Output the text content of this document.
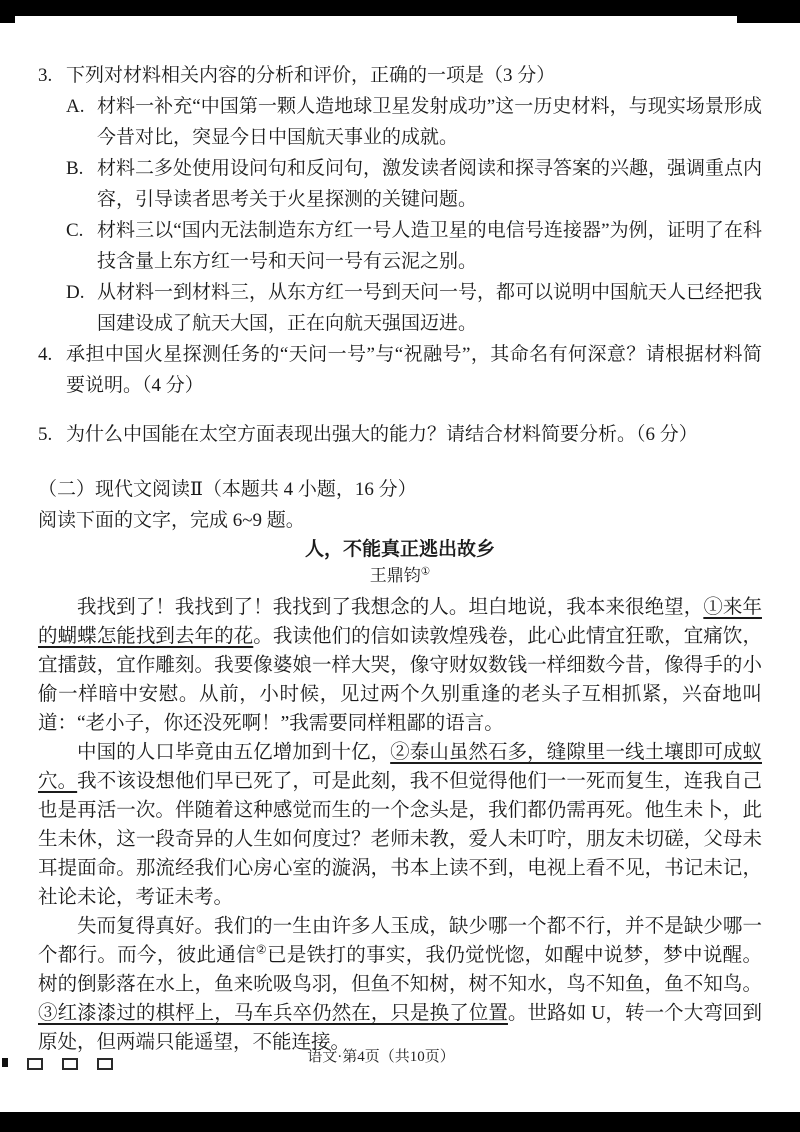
3. 下列对材料相关内容的分析和评价，正确的一项是（3 分）
A. 材料一补充“中国第一颗人造地球卫星发射成功”这一历史材料，与现实场景形成今昔对比，突显今日中国航天事业的成就。
B. 材料二多处使用设问句和反问句，激发读者阅读和探寻答案的兴趣，强调重点内容，引导读者思考关于火星探测的关键问题。
C. 材料三以“国内无法制造东方红一号人造卫星的电信号连接器”为例，证明了在科技含量上东方红一号和天问一号有云泥之别。
D. 从材料一到材料三，从东方红一号到天问一号，都可以说明中国航天人已经把我国建设成了航天大国，正在向航天强国迈进。
4. 承担中国火星探测任务的“天问一号”与“祝融号”，其命名有何深意？请根据材料简要说明。（4 分）
5. 为什么中国能在太空方面表现出强大的能力？请结合材料简要分析。（6 分）
（二）现代文阅读Ⅱ（本题共 4 小题，16 分）
阅读下面的文字，完成 6~9 题。
人，不能真正逃出故乡
王鼎钧①

我找到了！我找到了！我找到了我想念的人。坦白地说，我本来很绝望，①来年的蝴蝶怎能找到去年的花。我读他们的信如读敦煌残卷，此心此情宜狂歌，宜痛饮，宜擂鼓，宜作雕刻。我要像婆娘一样大哭，像守财奴数钱一样细数今昔，像得手的小偷一样暗中安慰。从前，小时候，见过两个久别重逢的老头子互相抓紧，兴奋地叫道：“老小子，你还没死啊！”我需要同样粗鄙的语言。

中国的人口毕竟由五亿增加到十亿，②泰山虽然石多，缝隙里一线土壤即可成蚁穴。我不该设想他们早已死了，可是此刻，我不但觉得他们一一死而复生，连我自己也是再活一次。伴随着这种感觉而生的一个念头是，我们都仍需再死。他生未卜，此生未休，这一段奇异的人生如何度过？老师未教，爱人未叮咛，朋友未切磋，父母未耳提面命。那流经我们心房心室的漩涡，书本上读不到，电视上看不见，书记未记，社论未论，考证未考。

失而复得真好。我们的一生由许多人玉成，缺少哪一个都不行，并不是缺少哪一个都行。而今，彼此通信②已是铁打的事实，我仍觉恍惚，如醒中说梦，梦中说醒。树的倒影落在水上，鱼来吮吸鸟羽，但鱼不知树，树不知水，鸟不知鱼，鱼不知鸟。③红漆漆过的棋枰上，马车兵卒仍然在，只是换了位置。世路如 U，转一个大弯回到原处，但两端只能遥望，不能连接。

语文·第4页（共10页）
